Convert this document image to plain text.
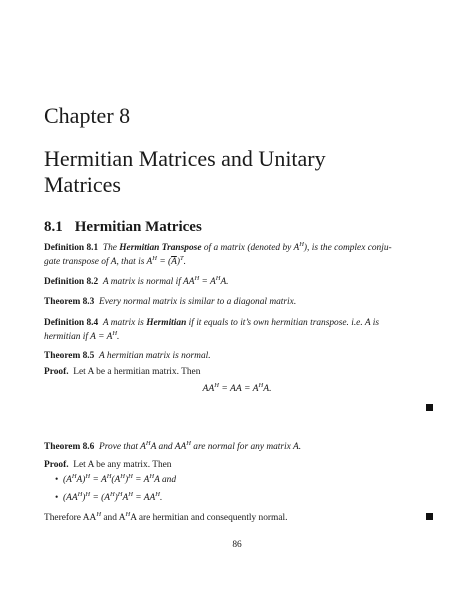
Chapter 8
Hermitian Matrices and Unitary
Matrices
8.1 Hermitian Matrices
Definition 8.1 The Hermitian Transpose of a matrix (denoted by $A^H$), is the complex conju-
gate transpose of A, that is $A^H = (\overline{A})^T$.
Definition 8.2 A matrix is normal if $AA^H = A^HA$.
Theorem 8.3 Every normal matrix is similar to a diagonal matrix.
Definition 8.4 A matrix is Hermitian if it equals to it’s own hermitian transpose. i.e. A is
hermitian if $A = A^H$.
Theorem 8.5 A hermitian matrix is normal.
Proof. Let A be a hermitian matrix. Then
$AA^H$ = AA = $A^HA$.
Theorem 8.6 Prove that $A^HA$ and $AA^H$ are normal for any matrix A.
Proof. Let A be any matrix. Then
• $(A^HA)^H = A^H(A^H)^H = A^HA$ and
• $(AA^H)^H = (A^H)^HA^H = AA^H$.
Therefore $AA^H$ and $A^HA$ are hermitian and consequently normal.
86
